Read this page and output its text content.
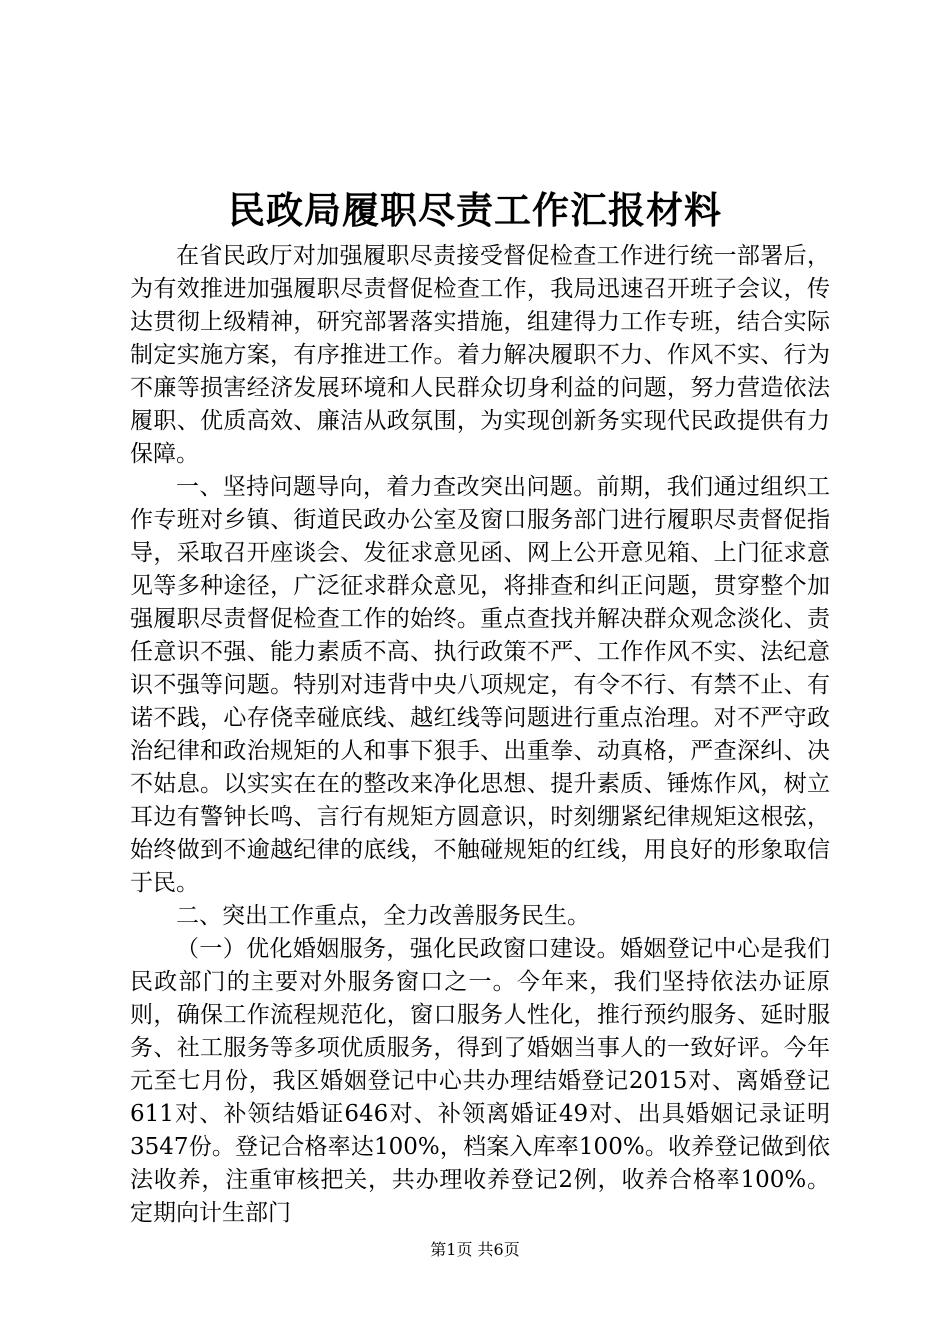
民政局履职尽责工作汇报材料

在省民政厅对加强履职尽责接受督促检查工作进行统一部署后，为有效推进加强履职尽责督促检查工作，我局迅速召开班子会议，传达贯彻上级精神，研究部署落实措施，组建得力工作专班，结合实际制定实施方案，有序推进工作。着力解决履职不力、作风不实、行为不廉等损害经济发展环境和人民群众切身利益的问题，努力营造依法履职、优质高效、廉洁从政氛围，为实现创新务实现代民政提供有力保障。

一、坚持问题导向，着力查改突出问题。前期，我们通过组织工作专班对乡镇、街道民政办公室及窗口服务部门进行履职尽责督促指导，采取召开座谈会、发征求意见函、网上公开意见箱、上门征求意见等多种途径，广泛征求群众意见，将排查和纠正问题，贯穿整个加强履职尽责督促检查工作的始终。重点查找并解决群众观念淡化、责任意识不强、能力素质不高、执行政策不严、工作作风不实、法纪意识不强等问题。特别对违背中央八项规定，有令不行、有禁不止、有诺不践，心存侥幸碰底线、越红线等问题进行重点治理。对不严守政治纪律和政治规矩的人和事下狠手、出重拳、动真格，严查深纠、决不姑息。以实实在在的整改来净化思想、提升素质、锤炼作风，树立耳边有警钟长鸣、言行有规矩方圆意识，时刻绷紧纪律规矩这根弦，始终做到不逾越纪律的底线，不触碰规矩的红线，用良好的形象取信于民。

二、突出工作重点，全力改善服务民生。

（一）优化婚姻服务，强化民政窗口建设。婚姻登记中心是我们民政部门的主要对外服务窗口之一。今年来，我们坚持依法办证原则，确保工作流程规范化，窗口服务人性化，推行预约服务、延时服务、社工服务等多项优质服务，得到了婚姻当事人的一致好评。今年元至七月份，我区婚姻登记中心共办理结婚登记2015对、离婚登记611对、补领结婚证646对、补领离婚证49对、出具婚姻记录证明3547份。登记合格率达100%，档案入库率100%。收养登记做到依法收养，注重审核把关，共办理收养登记2例，收养合格率100%。定期向计生部门

第1页 共6页
